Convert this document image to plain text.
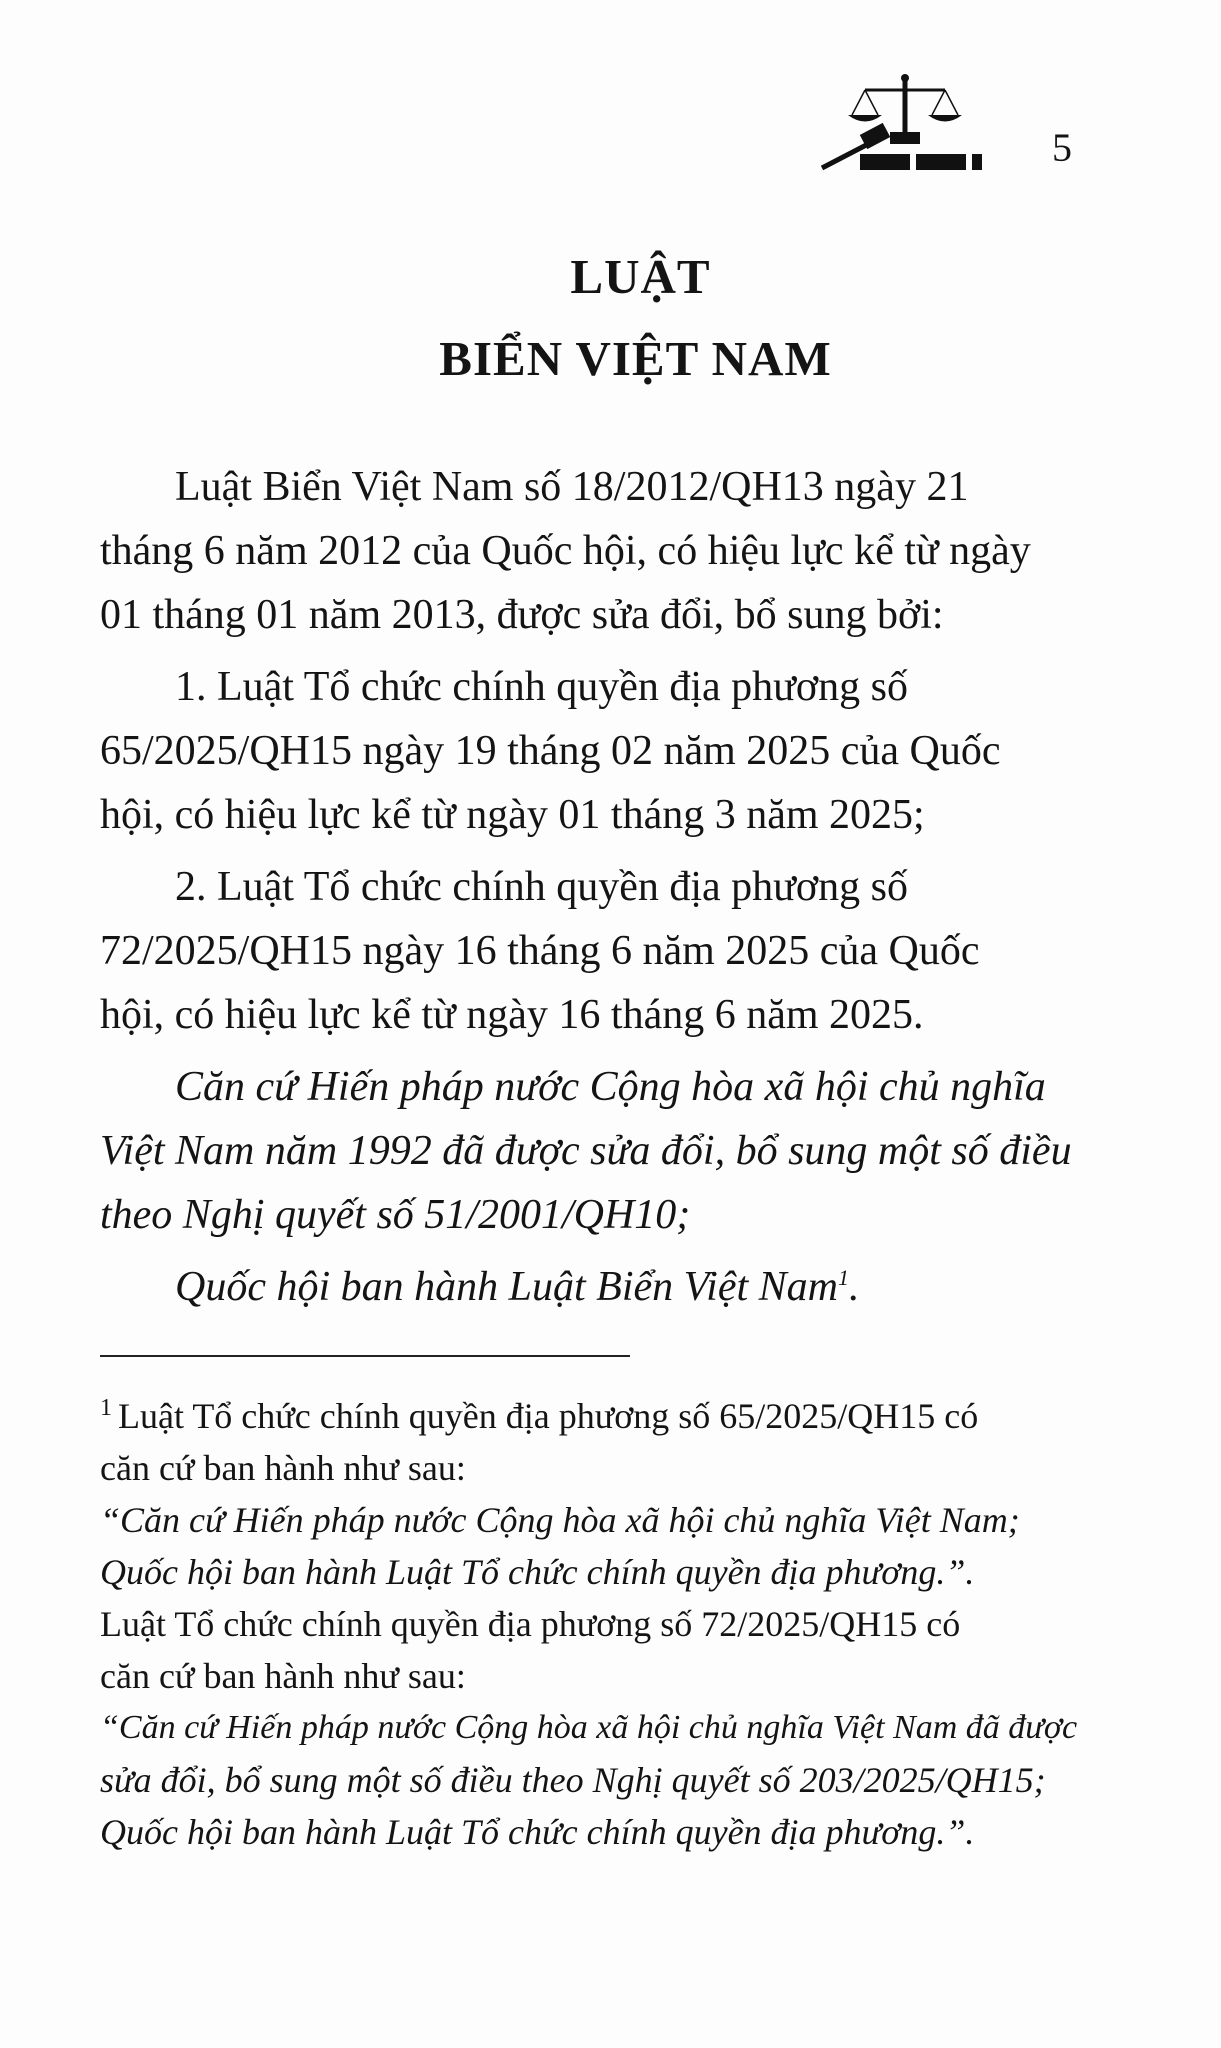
5
LUẬT
BIỂN VIỆT NAM

Luật Biển Việt Nam số 18/2012/QH13 ngày 21
tháng 6 năm 2012 của Quốc hội, có hiệu lực kể từ ngày
01 tháng 01 năm 2013, được sửa đổi, bổ sung bởi:

1. Luật Tổ chức chính quyền địa phương số
65/2025/QH15 ngày 19 tháng 02 năm 2025 của Quốc
hội, có hiệu lực kể từ ngày 01 tháng 3 năm 2025;

2. Luật Tổ chức chính quyền địa phương số
72/2025/QH15 ngày 16 tháng 6 năm 2025 của Quốc
hội, có hiệu lực kể từ ngày 16 tháng 6 năm 2025.

Căn cứ Hiến pháp nước Cộng hòa xã hội chủ nghĩa
Việt Nam năm 1992 đã được sửa đổi, bổ sung một số điều
theo Nghị quyết số 51/2001/QH10;

Quốc hội ban hành Luật Biển Việt Nam$^1$.

$^1$ Luật Tổ chức chính quyền địa phương số 65/2025/QH15 có
căn cứ ban hành như sau:
“Căn cứ Hiến pháp nước Cộng hòa xã hội chủ nghĩa Việt Nam;
Quốc hội ban hành Luật Tổ chức chính quyền địa phương.”.
Luật Tổ chức chính quyền địa phương số 72/2025/QH15 có
căn cứ ban hành như sau:
“Căn cứ Hiến pháp nước Cộng hòa xã hội chủ nghĩa Việt Nam đã được
sửa đổi, bổ sung một số điều theo Nghị quyết số 203/2025/QH15;
Quốc hội ban hành Luật Tổ chức chính quyền địa phương.”.
